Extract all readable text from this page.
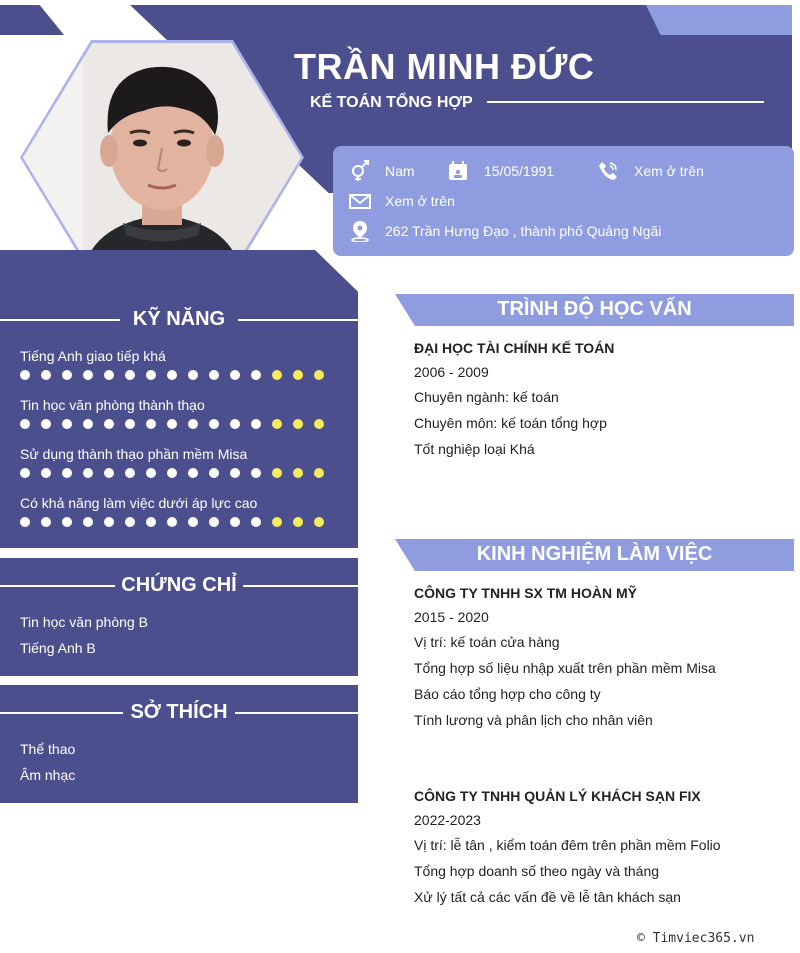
TRẦN MINH ĐỨC
KẾ TOÁN TỔNG HỢP
Nam	15/05/1991	Xem ở trên
Xem ở trên
262 Trần Hưng Đạo , thành phố Quảng Ngãi
KỸ NĂNG
Tiếng Anh giao tiếp khá
Tin học văn phòng thành thạo
Sử dụng thành thạo phần mềm Misa
Có khả năng làm việc dưới áp lực cao
CHỨNG CHỈ
Tin học văn phòng B
Tiếng Anh B
SỞ THÍCH
Thể thao
Âm nhạc
TRÌNH ĐỘ HỌC VẤN
ĐẠI HỌC TÀI CHÍNH KẾ TOÁN
2006 - 2009
Chuyên ngành: kế toán
Chuyên môn: kế toán tổng hợp
Tốt nghiệp loại Khá
KINH NGHIỆM LÀM VIỆC
CÔNG TY TNHH SX TM HOÀN MỸ
2015 - 2020
Vị trí: kế toán cửa hàng
Tổng hợp số liệu nhập xuất trên phần mềm Misa
Báo cáo tổng hợp cho công ty
Tính lương và phân lịch cho nhân viên
CÔNG TY TNHH QUẢN LÝ KHÁCH SẠN FIX
2022-2023
Vị trí: lễ tân , kiểm toán đêm trên phần mềm Folio
Tổng hợp doanh số theo ngày và tháng
Xử lý tất cả các vấn đề về lễ tân khách sạn
© Timviec365.vn
